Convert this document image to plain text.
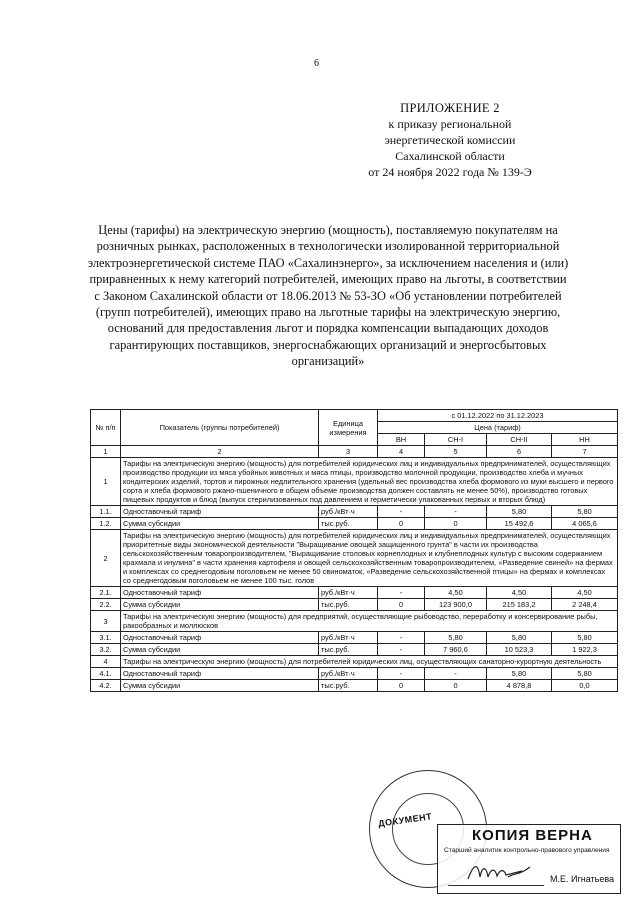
6
ПРИЛОЖЕНИЕ 2
к приказу региональной
энергетической комиссии
Сахалинской области
от 24 ноября 2022 года № 139-Э
Цены (тарифы) на электрическую энергию (мощность), поставляемую покупателям на розничных рынках, расположенных в технологически изолированной территориальной электроэнергетической системе ПАО «Сахалинэнерго», за исключением населения и (или) приравненных к нему категорий потребителей, имеющих право на льготы, в соответствии с Законом Сахалинской области от 18.06.2013 № 53-ЗО «Об установлении потребителей (групп потребителей), имеющих право на льготные тарифы на электрическую энергию, оснований для предоставления льгот и порядка компенсации выпадающих доходов гарантирующих поставщиков, энергоснабжающих организаций и энергосбытовых организаций»
№ п/п	Показатель (группы потребителей)	Единица измерения	с 01.12.2022 по 31.12.2023			
			Цена (тариф)			
			ВН	СН-I	СН-II	НН
1	2	3	4	5	6	7
1	Тарифы на электрическую энергию (мощность) для потребителей юридических лиц и индивидуальных предпринимателей, осуществляющих производство продукции из мяса убойных животных и мяса птицы, производство молочной продукции, производство хлеба и мучных кондитерских изделий, тортов и пирожных недлительного хранения (удельный вес производства хлеба формового из муки высшего и первого сорта и хлеба формового ржано-пшеничного в общем объеме производства должен составлять не менее 50%), производство готовых пищевых продуктов и блюд (выпуск стерилизованных под давлением и герметически упакованных первых и вторых блюд)					
1.1.	Одноставочный тариф	руб./кВт·ч	-	-	5,80	5,80
1.2.	Сумма субсидии	тыс.руб.	0	0	15 492,6	4 065,6
2	Тарифы на электрическую энергию (мощность) для потребителей юридических лиц и индивидуальных предпринимателей, осуществляющих приоритетные виды экономической деятельности "Выращивание овощей защищенного грунта" в части их производства сельскохозяйственным товаропроизводителем, "Выращивание столовых корнеплодных и клубнеплодных культур с высоким содержанием крахмала и инулина" в части хранения картофеля и овощей сельскохозяйственным товаропроизводителем, «Разведение свиней» на фермах и комплексах со среднегодовым поголовьем не менее 50 свиноматок, «Разведение сельскохозяйственной птицы» на фермах и комплексах со среднегодовым поголовьем не менее 100 тыс. голов					
2.1.	Одноставочный тариф	руб./кВт·ч	-	4,50	4,50	4,50
2.2.	Сумма субсидии	тыс.руб.	0	123 900,0	215 183,2	2 248,4
3	Тарифы на электрическую энергию (мощность) для предприятий, осуществляющие рыбоводство, переработку и консервирование рыбы, ракообразных и моллюсков					
3.1.	Одноставочный тариф	руб./кВт·ч	-	5,80	5,80	5,80
3.2.	Сумма субсидии	тыс.руб.	-	7 960,6	10 523,3	1 922,3
4	Тарифы на электрическую энергию (мощность) для потребителей юридических лиц, осуществляющих санаторно-курортную деятельность					
4.1.	Одноставочный тариф	руб./кВт·ч	-	-	5,80	5,80
4.2.	Сумма субсидии	тыс.руб.	0	0	4 878,8	0,0
ДОКУМЕНТ
КОПИЯ ВЕРНА
Старший аналитик контрольно-правового управления
М.Е. Игнатьева
